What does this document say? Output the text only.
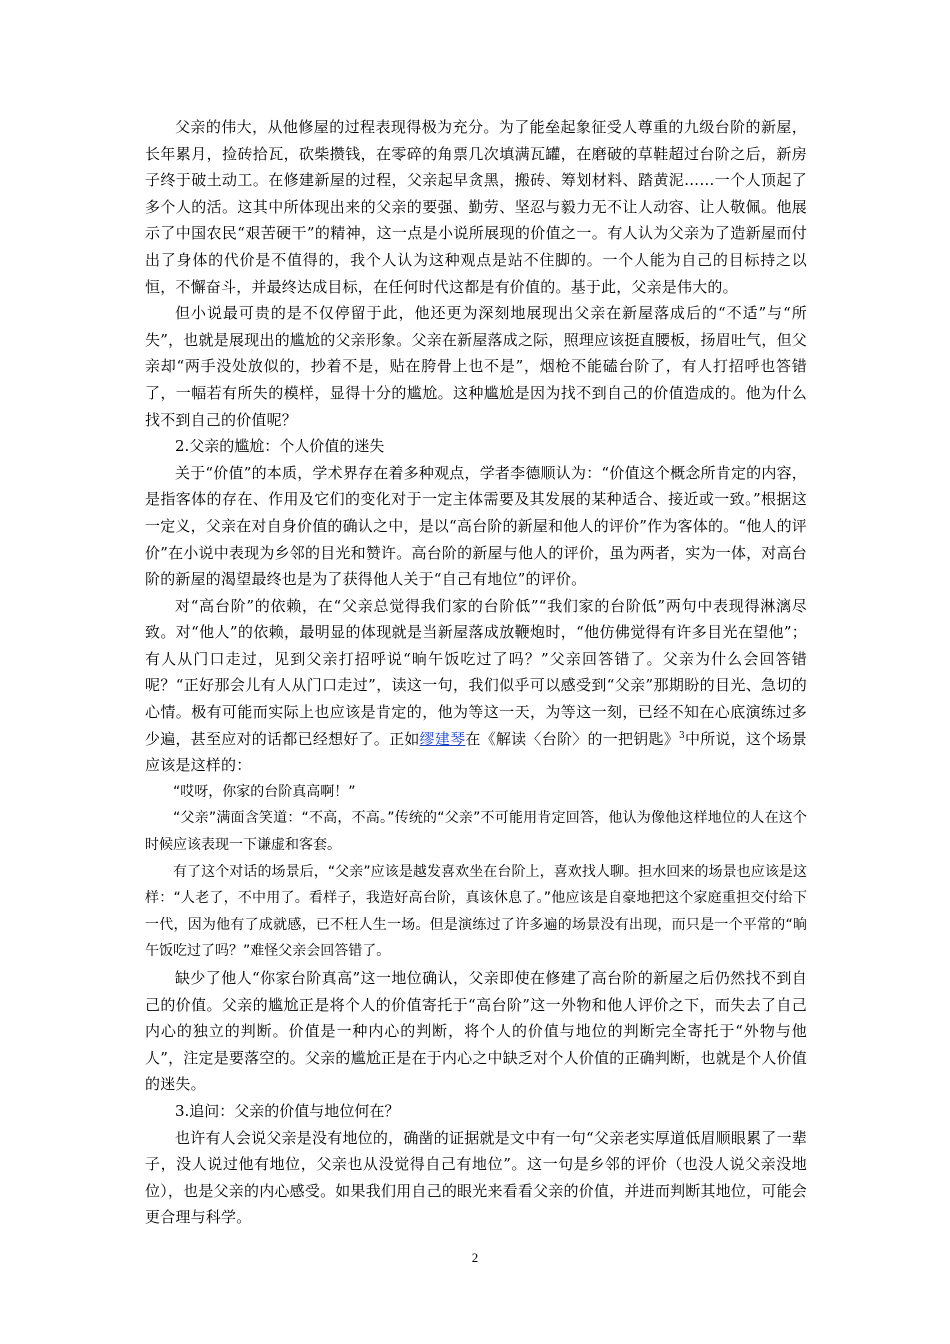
父亲的伟大，从他修屋的过程表现得极为充分。为了能垒起象征受人尊重的九级台阶的新屋，长年累月，捡砖拾瓦，砍柴攒钱，在零碎的角票几次填满瓦罐，在磨破的草鞋超过台阶之后，新房子终于破土动工。在修建新屋的过程，父亲起早贪黑，搬砖、筹划材料、踏黄泥……一个人顶起了多个人的活。这其中所体现出来的父亲的要强、勤劳、坚忍与毅力无不让人动容、让人敬佩。他展示了中国农民“艰苦硬干”的精神，这一点是小说所展现的价值之一。有人认为父亲为了造新屋而付出了身体的代价是不值得的，我个人认为这种观点是站不住脚的。一个人能为自己的目标持之以恒，不懈奋斗，并最终达成目标，在任何时代这都是有价值的。基于此，父亲是伟大的。

但小说最可贵的是不仅停留于此，他还更为深刻地展现出父亲在新屋落成后的“不适”与“所失”，也就是展现出的尴尬的父亲形象。父亲在新屋落成之际，照理应该挺直腰板，扬眉吐气，但父亲却“两手没处放似的，抄着不是，贴在胯骨上也不是”，烟枪不能磕台阶了，有人打招呼也答错了，一幅若有所失的模样，显得十分的尴尬。这种尴尬是因为找不到自己的价值造成的。他为什么找不到自己的价值呢？

2.父亲的尴尬：个人价值的迷失

关于“价值”的本质，学术界存在着多种观点，学者李德顺认为：“价值这个概念所肯定的内容，是指客体的存在、作用及它们的变化对于一定主体需要及其发展的某种适合、接近或一致。”根据这一定义，父亲在对自身价值的确认之中，是以“高台阶的新屋和他人的评价”作为客体的。“他人的评价”在小说中表现为乡邻的目光和赞许。高台阶的新屋与他人的评价，虽为两者，实为一体，对高台阶的新屋的渴望最终也是为了获得他人关于“自己有地位”的评价。

对“高台阶”的依赖，在“父亲总觉得我们家的台阶低”“我们家的台阶低”两句中表现得淋漓尽致。对“他人”的依赖，最明显的体现就是当新屋落成放鞭炮时，“他仿佛觉得有许多目光在望他”；有人从门口走过，见到父亲打招呼说“晌午饭吃过了吗？”父亲回答错了。父亲为什么会回答错呢？“正好那会儿有人从门口走过”，读这一句，我们似乎可以感受到“父亲”那期盼的目光、急切的心情。极有可能而实际上也应该是肯定的，他为等这一天，为等这一刻，已经不知在心底演练过多少遍，甚至应对的话都已经想好了。正如缪建琴在《解读〈台阶〉的一把钥匙》$^3$中所说，这个场景应该是这样的：

“哎呀，你家的台阶真高啊！”

“父亲”满面含笑道：“不高，不高。”传统的“父亲”不可能用肯定回答，他认为像他这样地位的人在这个时候应该表现一下谦虚和客套。

有了这个对话的场景后，“父亲”应该是越发喜欢坐在台阶上，喜欢找人聊。担水回来的场景也应该是这样：“人老了，不中用了。看样子，我造好高台阶，真该休息了。”他应该是自豪地把这个家庭重担交付给下一代，因为他有了成就感，已不枉人生一场。但是演练过了许多遍的场景没有出现，而只是一个平常的“晌午饭吃过了吗？”难怪父亲会回答错了。

缺少了他人“你家台阶真高”这一地位确认，父亲即使在修建了高台阶的新屋之后仍然找不到自己的价值。父亲的尴尬正是将个人的价值寄托于“高台阶”这一外物和他人评价之下，而失去了自己内心的独立的判断。价值是一种内心的判断，将个人的价值与地位的判断完全寄托于“外物与他人”，注定是要落空的。父亲的尴尬正是在于内心之中缺乏对个人价值的正确判断，也就是个人价值的迷失。

3.追问：父亲的价值与地位何在？

也许有人会说父亲是没有地位的，确凿的证据就是文中有一句“父亲老实厚道低眉顺眼累了一辈子，没人说过他有地位，父亲也从没觉得自己有地位”。这一句是乡邻的评价（也没人说父亲没地位），也是父亲的内心感受。如果我们用自己的眼光来看看父亲的价值，并进而判断其地位，可能会更合理与科学。

2
